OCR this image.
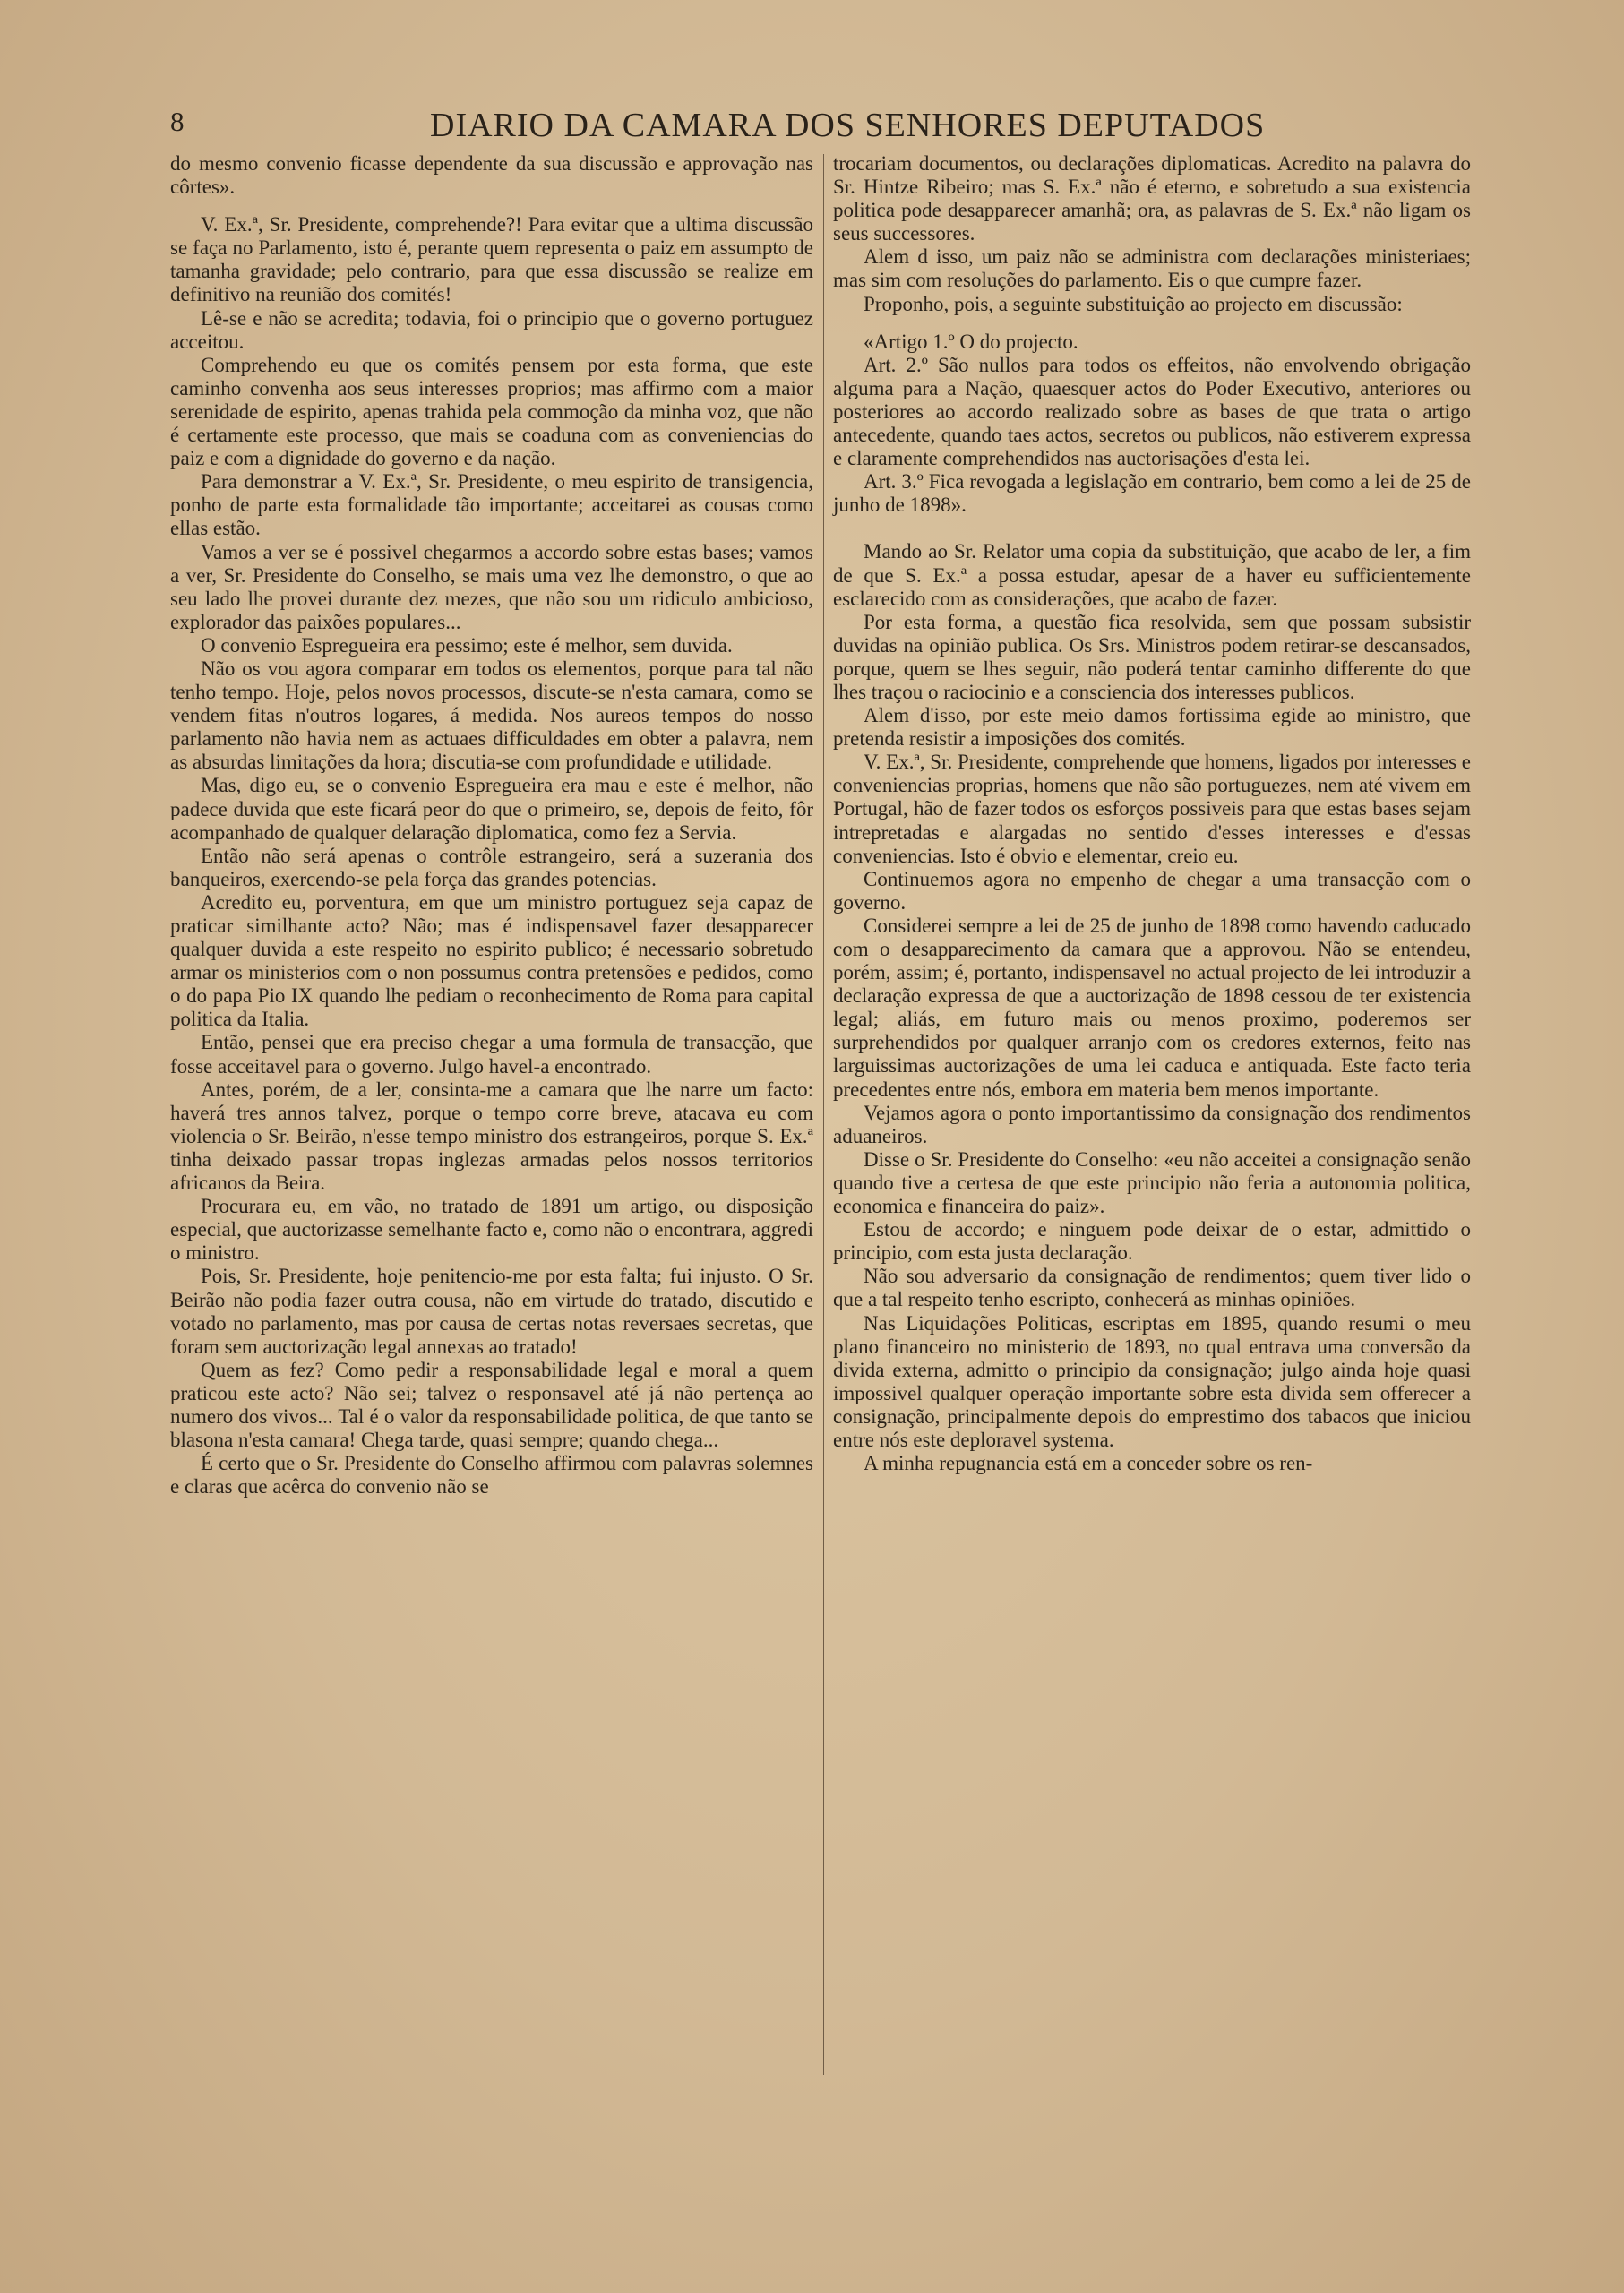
8	DIARIO DA CAMARA DOS SENHORES DEPUTADOS

do mesmo convenio ficasse dependente da sua discussão e approvação nas côrtes».

V. Ex.ª, Sr. Presidente, comprehende?! Para evitar que a ultima discussão se faça no Parlamento, isto é, perante quem representa o paiz em assumpto de tamanha gravidade; pelo contrario, para que essa discussão se realize em definitivo na reunião dos comités!

Lê-se e não se acredita; todavia, foi o principio que o governo portuguez acceitou.

Comprehendo eu que os comités pensem por esta forma, que este caminho convenha aos seus interesses proprios; mas affirmo com a maior serenidade de espirito, apenas trahida pela commoção da minha voz, que não é certamente este processo, que mais se coaduna com as conveniencias do paiz e com a dignidade do governo e da nação.

Para demonstrar a V. Ex.ª, Sr. Presidente, o meu espirito de transigencia, ponho de parte esta formalidade tão importante; acceitarei as cousas como ellas estão.

Vamos a ver se é possivel chegarmos a accordo sobre estas bases; vamos a ver, Sr. Presidente do Conselho, se mais uma vez lhe demonstro, o que ao seu lado lhe provei durante dez mezes, que não sou um ridiculo ambicioso, explorador das paixões populares...

O convenio Espregueira era pessimo; este é melhor, sem duvida.

Não os vou agora comparar em todos os elementos, porque para tal não tenho tempo. Hoje, pelos novos processos, discute-se n'esta camara, como se vendem fitas n'outros logares, á medida. Nos aureos tempos do nosso parlamento não havia nem as actuaes difficuldades em obter a palavra, nem as absurdas limitações da hora; discutia-se com profundidade e utilidade.

Mas, digo eu, se o convenio Espregueira era mau e este é melhor, não padece duvida que este ficará peor do que o primeiro, se, depois de feito, fôr acompanhado de qualquer delaração diplomatica, como fez a Servia.

Então não será apenas o contrôle estrangeiro, será a suzerania dos banqueiros, exercendo-se pela força das grandes potencias.

Acredito eu, porventura, em que um ministro portuguez seja capaz de praticar similhante acto? Não; mas é indispensavel fazer desapparecer qualquer duvida a este respeito no espirito publico; é necessario sobretudo armar os ministerios com o non possumus contra pretensões e pedidos, como o do papa Pio IX quando lhe pediam o reconhecimento de Roma para capital politica da Italia.

Então, pensei que era preciso chegar a uma formula de transacção, que fosse acceitavel para o governo. Julgo havel-a encontrado.

Antes, porém, de a ler, consinta-me a camara que lhe narre um facto: haverá tres annos talvez, porque o tempo corre breve, atacava eu com violencia o Sr. Beirão, n'esse tempo ministro dos estrangeiros, porque S. Ex.ª tinha deixado passar tropas inglezas armadas pelos nossos territorios africanos da Beira.

Procurara eu, em vão, no tratado de 1891 um artigo, ou disposição especial, que auctorizasse semelhante facto e, como não o encontrara, aggredi o ministro.

Pois, Sr. Presidente, hoje penitencio-me por esta falta; fui injusto. O Sr. Beirão não podia fazer outra cousa, não em virtude do tratado, discutido e votado no parlamento, mas por causa de certas notas reversaes secretas, que foram sem auctorização legal annexas ao tratado!

Quem as fez? Como pedir a responsabilidade legal e moral a quem praticou este acto? Não sei; talvez o responsavel até já não pertença ao numero dos vivos... Tal é o valor da responsabilidade politica, de que tanto se blasona n'esta camara! Chega tarde, quasi sempre; quando chega...

É certo que o Sr. Presidente do Conselho affirmou com palavras solemnes e claras que acêrca do convenio não se

trocariam documentos, ou declarações diplomaticas. Acredito na palavra do Sr. Hintze Ribeiro; mas S. Ex.ª não é eterno, e sobretudo a sua existencia politica pode desapparecer amanhã; ora, as palavras de S. Ex.ª não ligam os seus successores.

Alem d isso, um paiz não se administra com declarações ministeriaes; mas sim com resoluções do parlamento. Eis o que cumpre fazer.

Proponho, pois, a seguinte substituição ao projecto em discussão:

«Artigo 1.º O do projecto.

Art. 2.º São nullos para todos os effeitos, não envolvendo obrigação alguma para a Nação, quaesquer actos do Poder Executivo, anteriores ou posteriores ao accordo realizado sobre as bases de que trata o artigo antecedente, quando taes actos, secretos ou publicos, não estiverem expressa e claramente comprehendidos nas auctorisações d'esta lei.

Art. 3.º Fica revogada a legislação em contrario, bem como a lei de 25 de junho de 1898».

Mando ao Sr. Relator uma copia da substituição, que acabo de ler, a fim de que S. Ex.ª a possa estudar, apesar de a haver eu sufficientemente esclarecido com as considerações, que acabo de fazer.

Por esta forma, a questão fica resolvida, sem que possam subsistir duvidas na opinião publica. Os Srs. Ministros podem retirar-se descansados, porque, quem se lhes seguir, não poderá tentar caminho differente do que lhes traçou o raciocinio e a consciencia dos interesses publicos.

Alem d'isso, por este meio damos fortissima egide ao ministro, que pretenda resistir a imposições dos comités.

V. Ex.ª, Sr. Presidente, comprehende que homens, ligados por interesses e conveniencias proprias, homens que não são portuguezes, nem até vivem em Portugal, hão de fazer todos os esforços possiveis para que estas bases sejam intrepretadas e alargadas no sentido d'esses interesses e d'essas conveniencias. Isto é obvio e elementar, creio eu.

Continuemos agora no empenho de chegar a uma transacção com o governo.

Considerei sempre a lei de 25 de junho de 1898 como havendo caducado com o desapparecimento da camara que a approvou. Não se entendeu, porém, assim; é, portanto, indispensavel no actual projecto de lei introduzir a declaração expressa de que a auctorização de 1898 cessou de ter existencia legal; aliás, em futuro mais ou menos proximo, poderemos ser surprehendidos por qualquer arranjo com os credores externos, feito nas larguissimas auctorizações de uma lei caduca e antiquada. Este facto teria precedentes entre nós, embora em materia bem menos importante.

Vejamos agora o ponto importantissimo da consignação dos rendimentos aduaneiros.

Disse o Sr. Presidente do Conselho: «eu não acceitei a consignação senão quando tive a certesa de que este principio não feria a autonomia politica, economica e financeira do paiz».

Estou de accordo; e ninguem pode deixar de o estar, admittido o principio, com esta justa declaração.

Não sou adversario da consignação de rendimentos; quem tiver lido o que a tal respeito tenho escripto, conhecerá as minhas opiniões.

Nas Liquidações Politicas, escriptas em 1895, quando resumi o meu plano financeiro no ministerio de 1893, no qual entrava uma conversão da divida externa, admitto o principio da consignação; julgo ainda hoje quasi impossivel qualquer operação importante sobre esta divida sem offerecer a consignação, principalmente depois do emprestimo dos tabacos que iniciou entre nós este deploravel systema.

A minha repugnancia está em a conceder sobre os ren-
